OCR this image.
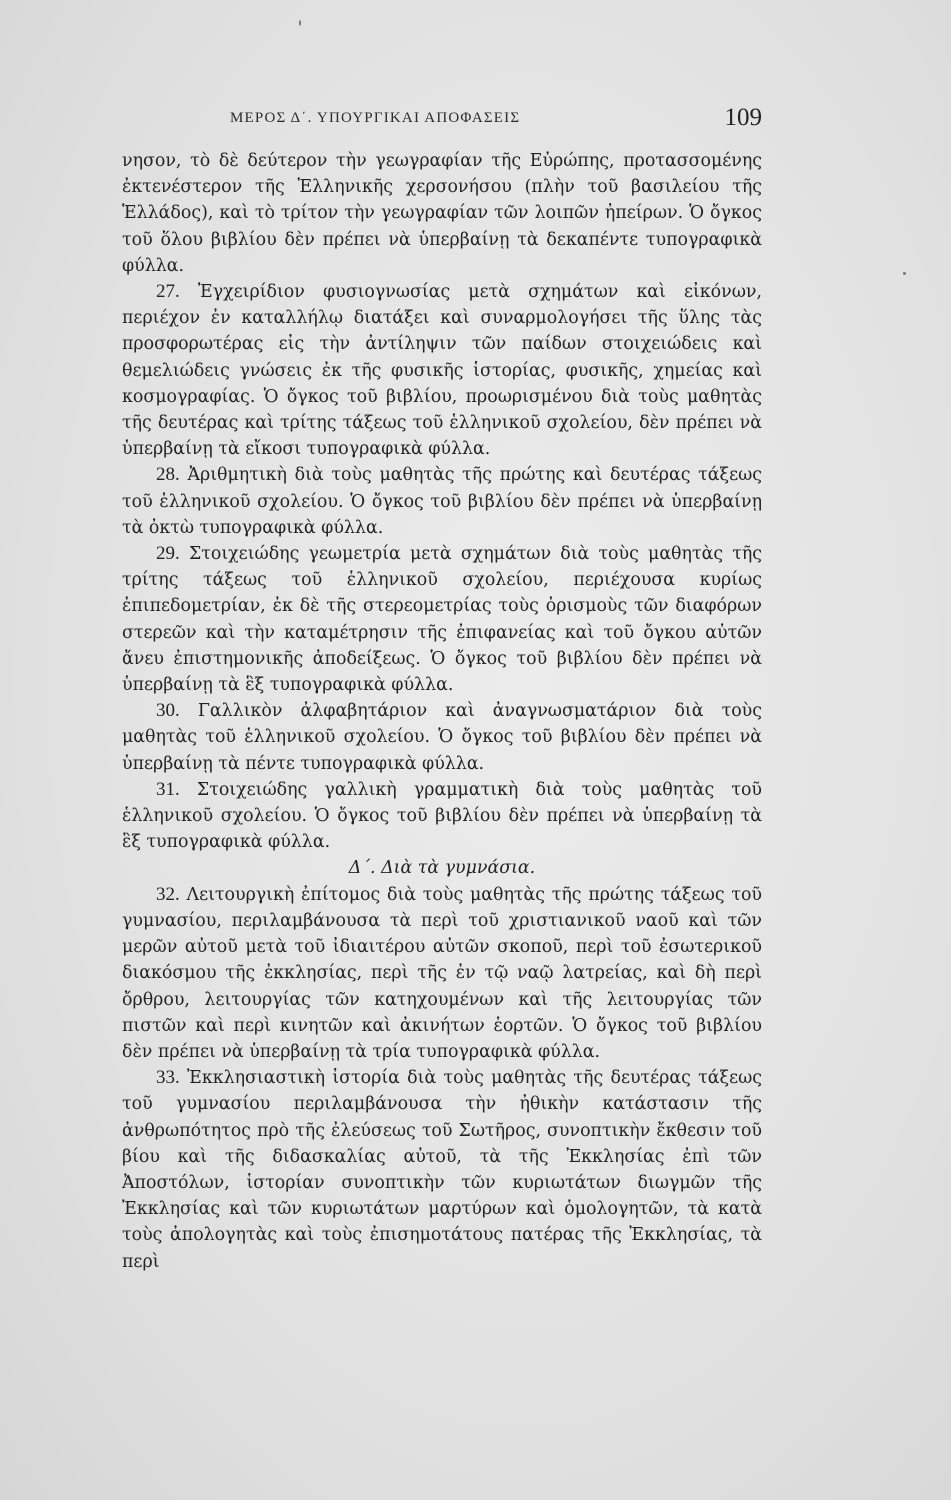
ΜΕΡΟΣ Δ΄. ΥΠΟΥΡΓΙΚΑΙ ΑΠΟΦΑΣΕΙΣ	109

νησον, τὸ δὲ δεύτερον τὴν γεωγραφίαν τῆς Εὐρώπης, προτασσομένης ἐκτενέστερον τῆς Ἑλληνικῆς χερσονήσου (πλὴν τοῦ βασιλείου τῆς Ἑλλάδος), καὶ τὸ τρίτον τὴν γεωγραφίαν τῶν λοιπῶν ἠπείρων. Ὁ ὄγκος τοῦ ὅλου βιβλίου δὲν πρέπει νὰ ὑπερβαίνῃ τὰ δεκαπέντε τυπογραφικὰ φύλλα.

27. Ἐγχειρίδιον φυσιογνωσίας μετὰ σχημάτων καὶ εἰκόνων, περιέχον ἐν καταλλήλῳ διατάξει καὶ συναρμολογήσει τῆς ὕλης τὰς προσφορωτέρας εἰς τὴν ἀντίληψιν τῶν παίδων στοιχειώδεις καὶ θεμελιώδεις γνώσεις ἐκ τῆς φυσικῆς ἱστορίας, φυσικῆς, χημείας καὶ κοσμογραφίας. Ὁ ὄγκος τοῦ βιβλίου, προωρισμένου διὰ τοὺς μαθητὰς τῆς δευτέρας καὶ τρίτης τάξεως τοῦ ἑλληνικοῦ σχολείου, δὲν πρέπει νὰ ὑπερβαίνῃ τὰ εἴκοσι τυπογραφικὰ φύλλα.

28. Ἀριθμητικὴ διὰ τοὺς μαθητὰς τῆς πρώτης καὶ δευτέρας τάξεως τοῦ ἑλληνικοῦ σχολείου. Ὁ ὄγκος τοῦ βιβλίου δὲν πρέπει νὰ ὑπερβαίνῃ τὰ ὀκτὼ τυπογραφικὰ φύλλα.

29. Στοιχειώδης γεωμετρία μετὰ σχημάτων διὰ τοὺς μαθητὰς τῆς τρίτης τάξεως τοῦ ἑλληνικοῦ σχολείου, περιέχουσα κυρίως ἐπιπεδομετρίαν, ἐκ δὲ τῆς στερεομετρίας τοὺς ὁρισμοὺς τῶν διαφόρων στερεῶν καὶ τὴν καταμέτρησιν τῆς ἐπιφανείας καὶ τοῦ ὄγκου αὐτῶν ἄνευ ἐπιστημονικῆς ἀποδείξεως. Ὁ ὄγκος τοῦ βιβλίου δὲν πρέπει νὰ ὑπερβαίνῃ τὰ ἓξ τυπογραφικὰ φύλλα.

30. Γαλλικὸν ἀλφαβητάριον καὶ ἀναγνωσματάριον διὰ τοὺς μαθητὰς τοῦ ἑλληνικοῦ σχολείου. Ὁ ὄγκος τοῦ βιβλίου δὲν πρέπει νὰ ὑπερβαίνῃ τὰ πέντε τυπογραφικὰ φύλλα.

31. Στοιχειώδης γαλλικὴ γραμματικὴ διὰ τοὺς μαθητὰς τοῦ ἑλληνικοῦ σχολείου. Ὁ ὄγκος τοῦ βιβλίου δὲν πρέπει νὰ ὑπερβαίνῃ τὰ ἓξ τυπογραφικὰ φύλλα.

Δ΄. Διὰ τὰ γυμνάσια.

32. Λειτουργικὴ ἐπίτομος διὰ τοὺς μαθητὰς τῆς πρώτης τάξεως τοῦ γυμνασίου, περιλαμβάνουσα τὰ περὶ τοῦ χριστιανικοῦ ναοῦ καὶ τῶν μερῶν αὐτοῦ μετὰ τοῦ ἰδιαιτέρου αὐτῶν σκοποῦ, περὶ τοῦ ἐσωτερικοῦ διακόσμου τῆς ἐκκλησίας, περὶ τῆς ἐν τῷ ναῷ λατρείας, καὶ δὴ περὶ ὄρθρου, λειτουργίας τῶν κατηχουμένων καὶ τῆς λειτουργίας τῶν πιστῶν καὶ περὶ κινητῶν καὶ ἀκινήτων ἑορτῶν. Ὁ ὄγκος τοῦ βιβλίου δὲν πρέπει νὰ ὑπερβαίνῃ τὰ τρία τυπογραφικὰ φύλλα.

33. Ἐκκλησιαστικὴ ἱστορία διὰ τοὺς μαθητὰς τῆς δευτέρας τάξεως τοῦ γυμνασίου περιλαμβάνουσα τὴν ἠθικὴν κατάστασιν τῆς ἀνθρωπότητος πρὸ τῆς ἐλεύσεως τοῦ Σωτῆρος, συνοπτικὴν ἔκθεσιν τοῦ βίου καὶ τῆς διδασκαλίας αὐτοῦ, τὰ τῆς Ἐκκλησίας ἐπὶ τῶν Ἀποστόλων, ἱστορίαν συνοπτικὴν τῶν κυριωτάτων διωγμῶν τῆς Ἐκκλησίας καὶ τῶν κυριωτάτων μαρτύρων καὶ ὁμολογητῶν, τὰ κατὰ τοὺς ἀπολογητὰς καὶ τοὺς ἐπισημοτάτους πατέρας τῆς Ἐκκλησίας, τὰ περὶ
